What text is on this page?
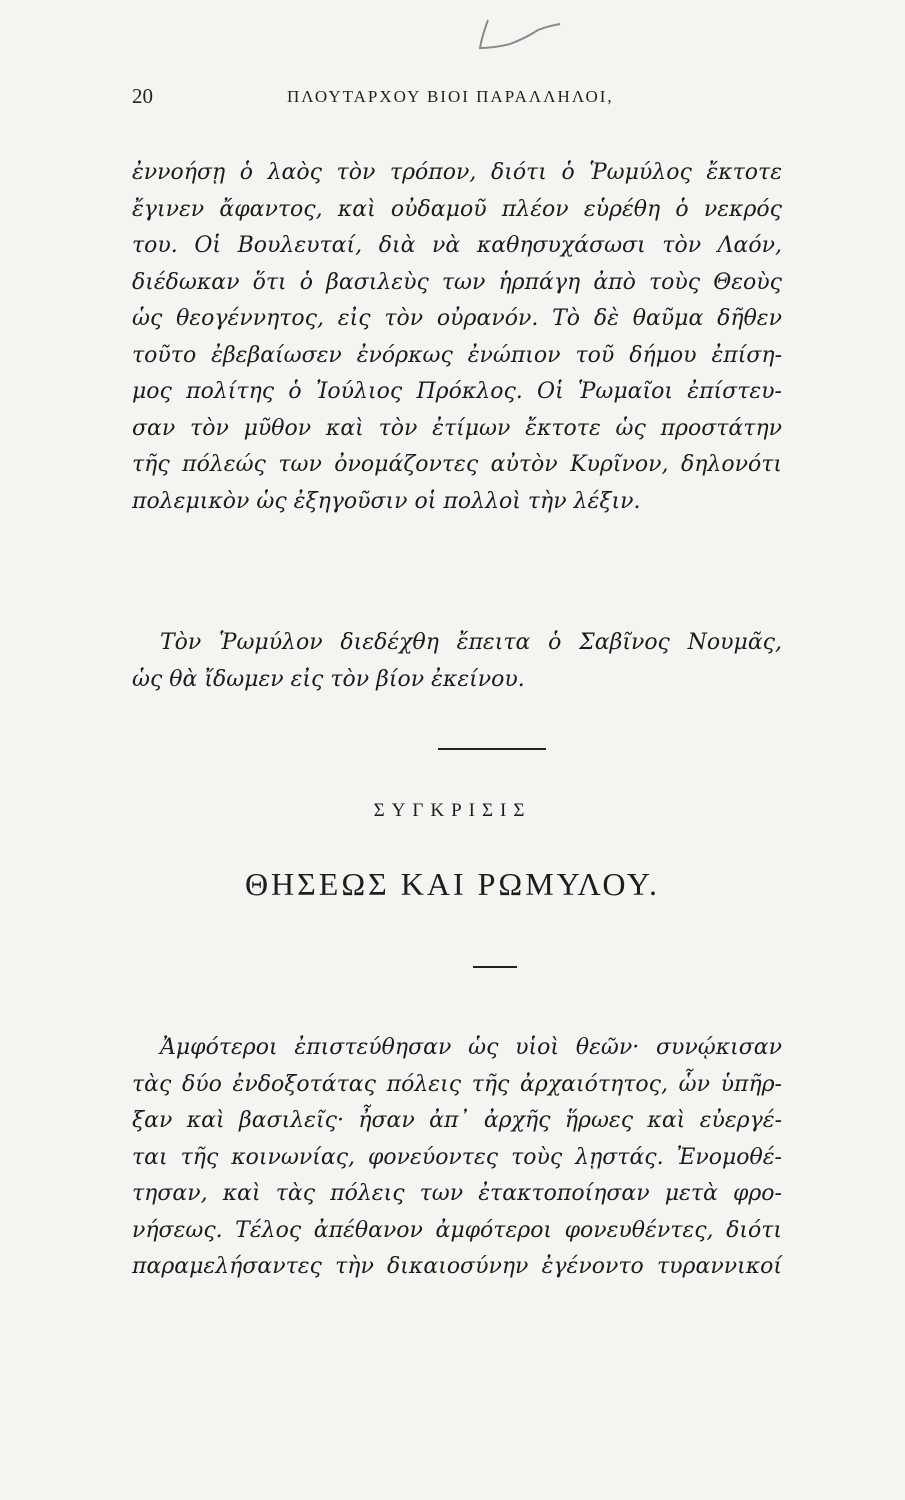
20	ΠΛΟΥΤΑΡΧΟΥ ΒΙΟΙ ΠΑΡΑΛΛΗΛΟΙ,
ἐννοήσῃ ὁ λαὸς τὸν τρόπον, διότι ὁ Ῥωμύλος ἔκτοτε
ἔγινεν ἄφαντος, καὶ οὐδαμοῦ πλέον εὑρέθη ὁ νεκρός
του. Οἱ Βουλευταί, διὰ νὰ καθησυχάσωσι τὸν Λαόν,
διέδωκαν ὅτι ὁ βασιλεὺς των ἡρπάγη ἀπὸ τοὺς Θεοὺς
ὡς θεογέννητος, εἰς τὸν οὐρανόν. Τὸ δὲ θαῦμα δῆθεν
τοῦτο ἐβεβαίωσεν ἐνόρκως ἐνώπιον τοῦ δήμου ἐπίση-
μος πολίτης ὁ Ἰούλιος Πρόκλος. Οἱ Ῥωμαῖοι ἐπίστευ-
σαν τὸν μῦθον καὶ τὸν ἐτίμων ἔκτοτε ὡς προστάτην
τῆς πόλεώς των ὀνομάζοντες αὐτὸν Κυρῖνον, δηλονότι
πολεμικὸν ὡς ἐξηγοῦσιν οἱ πολλοὶ τὴν λέξιν.
Τὸν Ῥωμύλον διεδέχθη ἔπειτα ὁ Σαβῖνος Νουμᾶς,
ὡς θὰ ἴδωμεν εἰς τὸν βίον ἐκείνου.
ΣΥΓΚΡΙΣΙΣ
ΘΗΣΕΩΣ ΚΑΙ ΡΩΜΥΛΟΥ.
Ἀμφότεροι ἐπιστεύθησαν ὡς υἱοὶ θεῶν· συνῴκισαν
τὰς δύο ἐνδοξοτάτας πόλεις τῆς ἀρχαιότητος, ὧν ὑπῆρ-
ξαν καὶ βασιλεῖς· ἦσαν ἀπ᾽ ἀρχῆς ἥρωες καὶ εὐεργέ-
ται τῆς κοινωνίας, φονεύοντες τοὺς λῃστάς. Ἐνομοθέ-
τησαν, καὶ τὰς πόλεις των ἐτακτοποίησαν μετὰ φρο-
νήσεως. Τέλος ἀπέθανον ἀμφότεροι φονευθέντες, διότι
παραμελήσαντες τὴν δικαιοσύνην ἐγένοντο τυραννικοί
